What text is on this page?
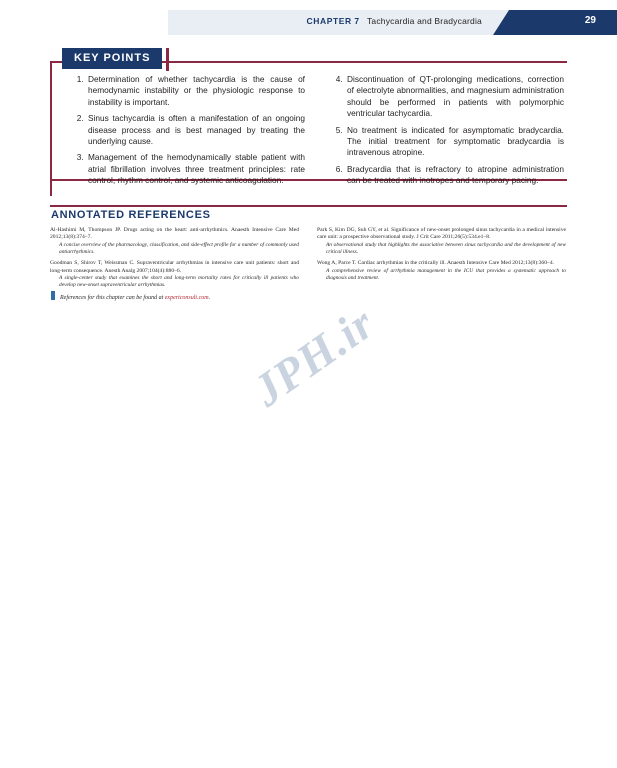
CHAPTER 7 Tachycardia and Bradycardia	29
KEY POINTS
1. Determination of whether tachycardia is the cause of hemodynamic instability or the physiologic response to instability is important.
2. Sinus tachycardia is often a manifestation of an ongoing disease process and is best managed by treating the underlying cause.
3. Management of the hemodynamically stable patient with atrial fibrillation involves three treatment principles: rate control, rhythm control, and systemic anticoagulation.
4. Discontinuation of QT-prolonging medications, correction of electrolyte abnormalities, and magnesium administration should be performed in patients with polymorphic ventricular tachycardia.
5. No treatment is indicated for asymptomatic bradycardia. The initial treatment for symptomatic bradycardia is intravenous atropine.
6. Bradycardia that is refractory to atropine administration can be treated with inotropes and temporary pacing.
ANNOTATED REFERENCES
Al-Hashimi M, Thompson JP. Drugs acting on the heart: anti-arrhythmics. Anaesth Intensive Care Med 2012;13(8):374–7.
A concise overview of the pharmacology, classification, and side-effect profile for a number of commonly used antiarrhythmics.
Goodman S, Shirov T, Weissman C. Supraventricular arrhythmias in intensive care unit patients: short and long-term consequence. Anesth Analg 2007;104(4):880–6.
A single-center study that examines the short and long-term mortality rates for critically ill patients who develop new-onset supraventricular arrhythmias.
Park S, Kim DG, Suh GY, et al. Significance of new-onset prolonged sinus tachycardia in a medical intensive care unit: a prospective observational study. J Crit Care 2011;26(5):534.e1–8.
An observational study that highlights the associative between sinus tachycardia and the development of new critical illness.
Wong A, Parce T. Cardiac arrhythmias in the critically ill. Anaesth Intensive Care Med 2012;13(8):360–4.
A comprehensive review of arrhythmia management in the ICU that provides a systematic approach to diagnosis and treatment.
References for this chapter can be found at expertconsult.com. JPH.ir
